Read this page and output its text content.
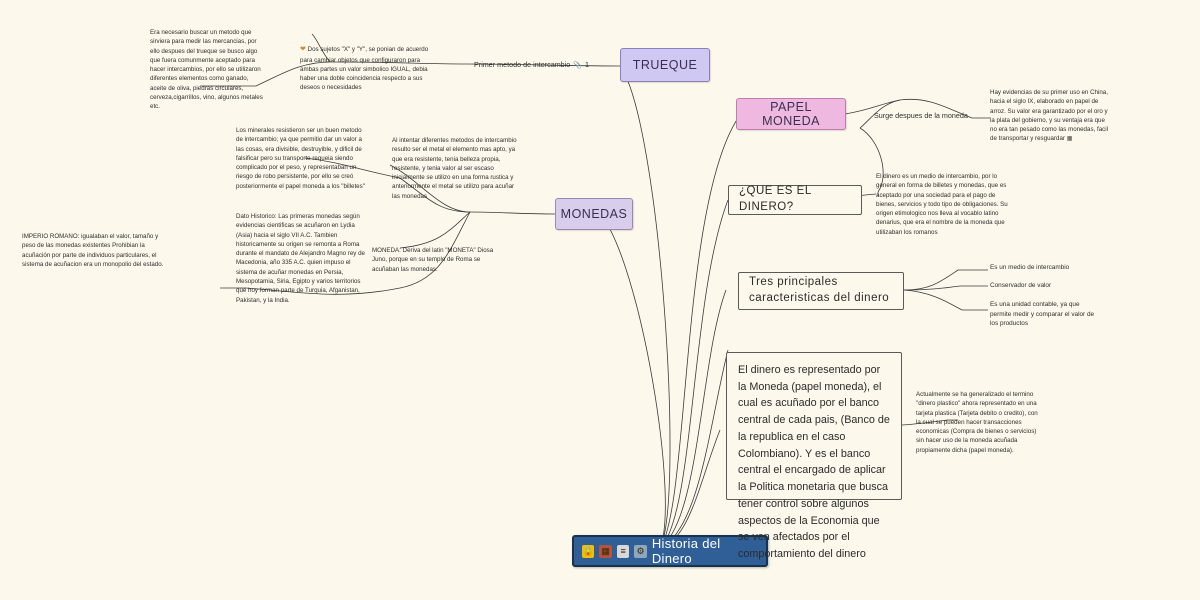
🔒 ▦	≡	⚙ Historia del Dinero
TRUEQUE
MONEDAS
PAPEL MONEDA
¿QUE ES EL DINERO?
Tres principales caracteristicas del dinero
El dinero es representado por la Moneda (papel moneda), el cual es acuñado por el banco central de cada pais, (Banco de la republica en el caso Colombiano). Y es el banco central el encargado de aplicar la Politica monetaria que busca tener control sobre algunos aspectos de la Economia que se ven afectados por el comportamiento del dinero
Primer metodo de intercambio 📎 1
Surge despues de la moneda
Era necesario buscar un metodo que sirviera para medir las mercancias, por ello despues del trueque se busco algo que fuera comunmente aceptado para hacer intercambios, por ello se utilizaron diferentes elementos como ganado, aceite de oliva, piedras circulares, cerveza,cigarrillos, vino, algunos metales etc.
❤ Dos sujetos "X" y "Y", se ponian de acuerdo para cambiar objetos que configuraron para ambas partes un valor simbolico IGUAL, debia haber una doble coincidencia respecto a sus deseos o necesidades
Los minerales resistieron ser un buen metodo de intercambio; ya que permitio dar un valor a las cosas, era divisible, destruyible, y dificil de falsificar pero su transporte requeia siendo complicado por el peso, y representaban un riesgo de robo persistente, por ello se creó posteriormente el papel moneda a los "billetes"
Al intentar diferentes metodos de intercambio resulto ser el metal el elemento mas apto, ya que era resistente, tenia belleza propia, resistente, y tenia valor al ser escaso inicialmente se utilizo en una forma rustica y anteriormente el metal se utilizo para acuñar las monedas
IMPERIO ROMANO: igualaban el valor, tamaño y peso de las monedas existentes Prohibian la acuñación por parte de individuos particulares, el sistema de acuñacion era un monopolio del estado.
Dato Historico: Las primeras monedas según evidencias cientificas se acuñaron en Lydia (Asia) hacia el siglo VII A.C. Tambien historicamente su origen se remonta a Roma durante el mandato de Alejandro Magno rey de Macedonia, año 335 A.C. quien impuso el sistema de acuñar monedas en Persia, Mesopotamia, Siria, Egipto y varios territorios que hoy forman parte de Turquia, Afganistan, Pakistan, y la India.
MONEDA: Deriva del latin "MONETA" Diosa Juno, porque en su templo de Roma se acuñaban las monedas.
Hay evidencias de su primer uso en China, hacia el siglo IX, elaborado en papel de arroz. Su valor era garantizado por el oro y la plata del gobierno, y su ventaja era que no era tan pesado como las monedas, facil de transportar y resguardar ▦
El dinero es un medio de intercambio, por lo general en forma de billetes y monedas, que es aceptado por una sociedad para el pago de bienes, servicios y todo tipo de obligaciones. Su origen etimologico nos lleva al vocablo latino denarius, que era el nombre de la moneda que utilizaban los romanos
Actualmente se ha generalizado el termino "dinero plastico" ahora representado en una tarjeta plastica (Tarjeta debito o credito), con la cual se pueden hacer transacciones economicas (Compra de bienes o servicios) sin hacer uso de la moneda acuñada propiamente dicha (papel moneda).
Es un medio de intercambio
Conservador de valor
Es una unidad contable, ya que permite medir y comparar el valor de los productos
